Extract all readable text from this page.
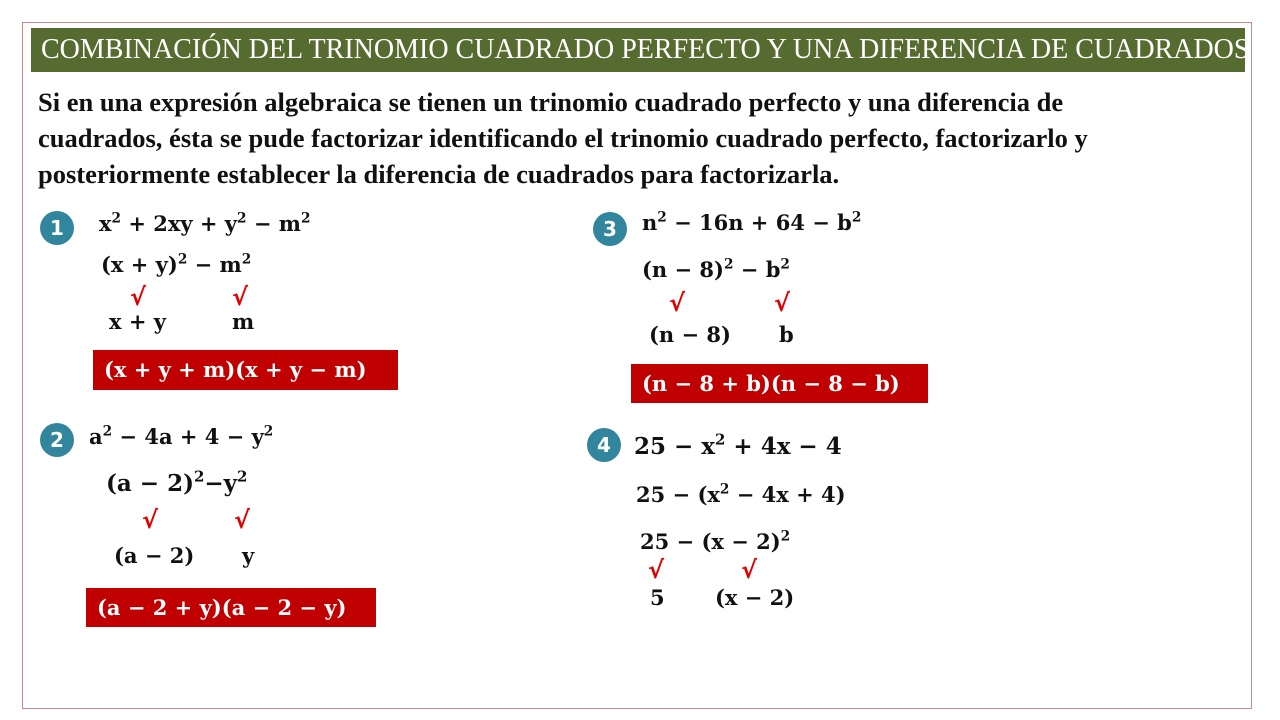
COMBINACIÓN DEL TRINOMIO CUADRADO PERFECTO Y UNA DIFERENCIA DE CUADRADOS
Si en una expresión algebraica se tienen un trinomio cuadrado perfecto y una diferencia de
cuadrados, ésta se pude factorizar identificando el trinomio cuadrado perfecto, factorizarlo y
posteriormente establecer la diferencia de cuadrados para factorizarla.
1	$x^2 + 2xy + y^2 - m^2$
$(x + y)^2 - m^2$
√	√
x + y	m
(x + y + m)(x + y − m)
2	$a^2 - 4a + 4 - y^2$
$(a - 2)^2-y^2$
√	√
(a − 2) y
(a − 2 + y)(a − 2 − y)
3	$n^2 - 16n + 64 - b^2$
$(n - 8)^2 - b^2$
√	√
(n − 8) b
(n − 8 + b)(n − 8 − b)
4	$25 - x^2 + 4x - 4$
$25 - (x^2 - 4x + 4)$
$25 - (x - 2)^2$
√	√
5 (x − 2)
